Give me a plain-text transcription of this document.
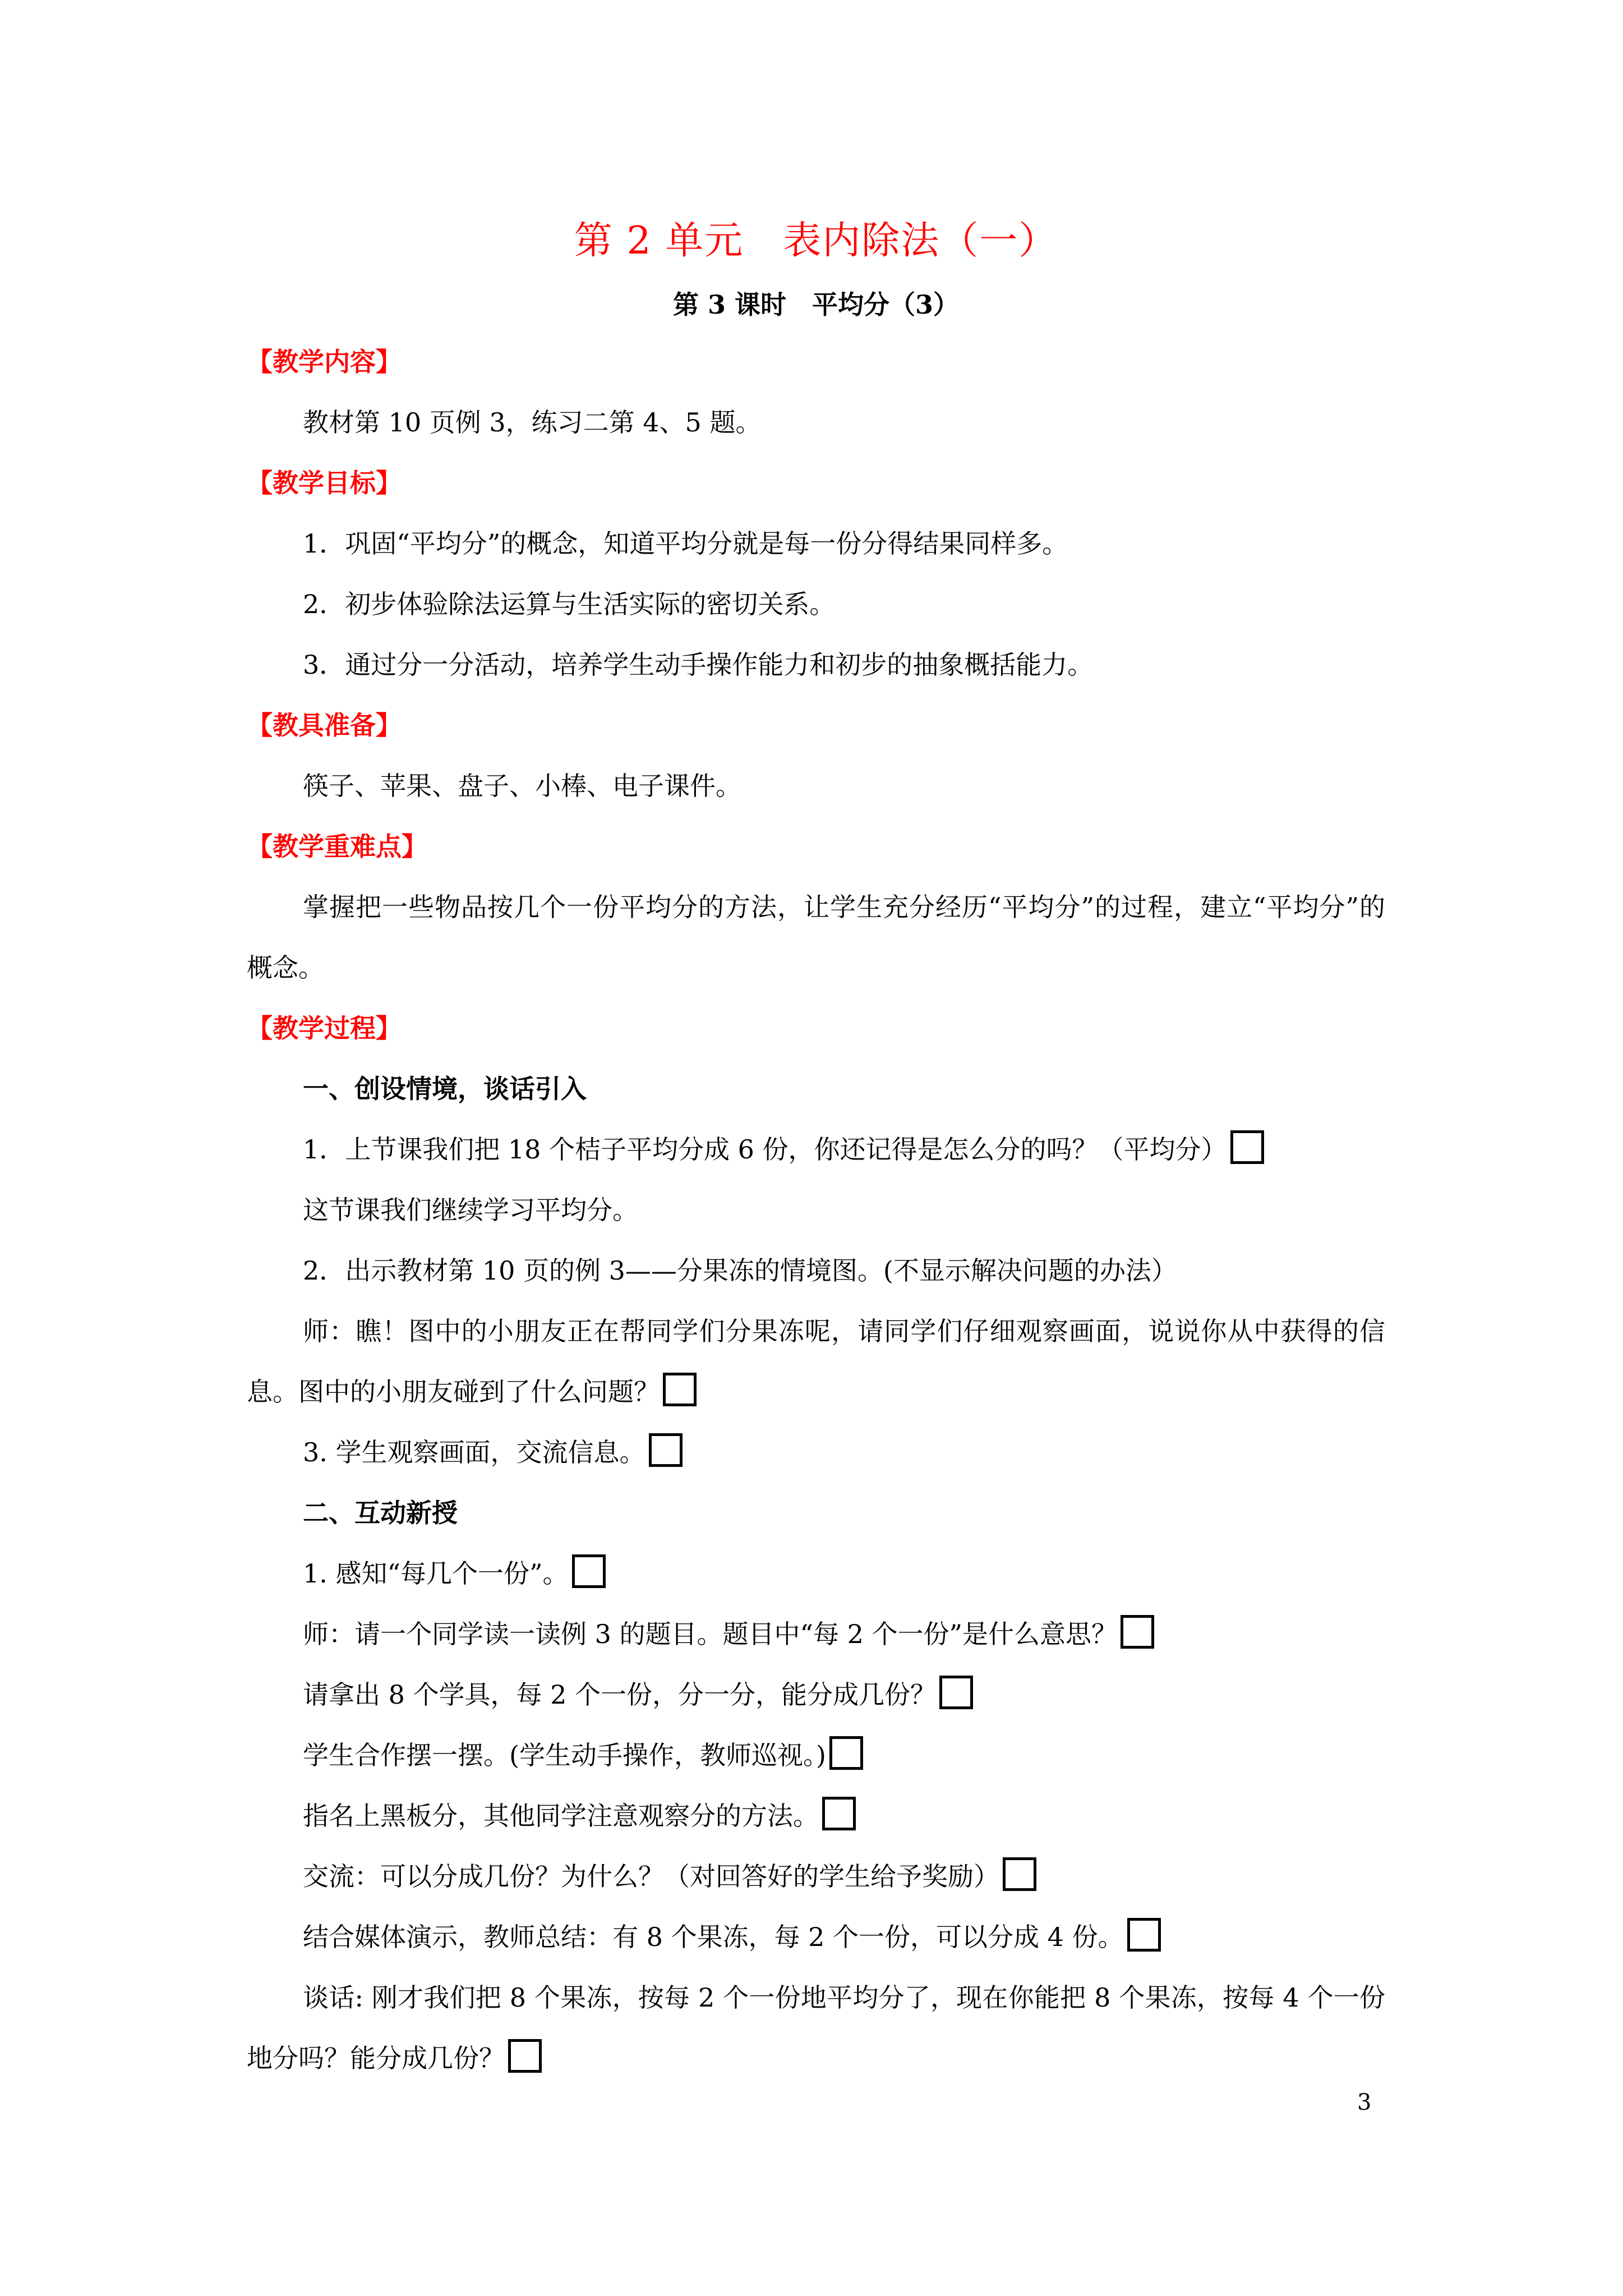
第 2 单元　表内除法（一）
第 3 课时　平均分（3）
【教学内容】
教材第 10 页例 3，练习二第 4、5 题。
【教学目标】
1．巩固“平均分”的概念，知道平均分就是每一份分得结果同样多。
2．初步体验除法运算与生活实际的密切关系。
3．通过分一分活动，培养学生动手操作能力和初步的抽象概括能力。
【教具准备】
筷子、苹果、盘子、小棒、电子课件。
【教学重难点】
掌握把一些物品按几个一份平均分的方法，让学生充分经历“平均分”的过程，建立“平均分”的概念。
【教学过程】
一、创设情境，谈话引入
1．上节课我们把 18 个桔子平均分成 6 份，你还记得是怎么分的吗？（平均分）
这节课我们继续学习平均分。
2．出示教材第 10 页的例 3——分果冻的情境图。(不显示解决问题的办法）
师：瞧！图中的小朋友正在帮同学们分果冻呢，请同学们仔细观察画面，说说你从中获得的信息。图中的小朋友碰到了什么问题？
3. 学生观察画面，交流信息。
二、互动新授
1. 感知“每几个一份”。
师：请一个同学读一读例 3 的题目。题目中“每 2 个一份”是什么意思？
请拿出 8 个学具，每 2 个一份，分一分，能分成几份？
学生合作摆一摆。(学生动手操作，教师巡视。)
指名上黑板分，其他同学注意观察分的方法。
交流：可以分成几份？为什么？（对回答好的学生给予奖励）
结合媒体演示，教师总结：有 8 个果冻，每 2 个一份，可以分成 4 份。
谈话: 刚才我们把 8 个果冻，按每 2 个一份地平均分了，现在你能把 8 个果冻，按每 4 个一份地分吗？能分成几份？
3
